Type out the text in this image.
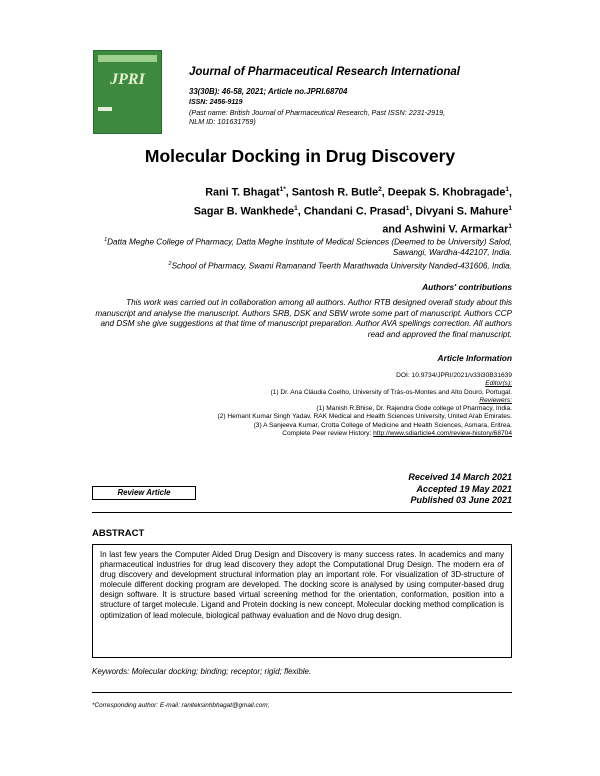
JPRI	Journal of Pharmaceutical Research International
33(30B): 46-58, 2021; Article no.JPRI.68704
ISSN: 2456-9119
(Past name: British Journal of Pharmaceutical Research, Past ISSN: 2231-2919,
NLM ID: 101631759)
Molecular Docking in Drug Discovery
Rani T. Bhagat$^{1*}$, Santosh R. Butle$^2$, Deepak S. Khobragade$^1$,
Sagar B. Wankhede$^1$, Chandani C. Prasad$^1$, Divyani S. Mahure$^1$
and Ashwini V. Armarkar$^1$
$^1$Datta Meghe College of Pharmacy, Datta Meghe Institute of Medical Sciences (Deemed to be University) Salod, Sawangi, Wardha-442107, India.
$^2$School of Pharmacy, Swami Ramanand Teerth Marathwada University Nanded-431606, India.
Authors' contributions
This work was carried out in collaboration among all authors. Author RTB designed overall study about this manuscript and analyse the manuscript. Authors SRB, DSK and SBW wrote some part of manuscript. Authors CCP and DSM she give suggestions at that time of manuscript preparation. Author AVA spellings correction. All authors read and approved the final manuscript.
Article Information
DOI: 10.9734/JPRI/2021/v33i30B31639
Editor(s):
(1) Dr. Ana Cláudia Coelho, University of Trás-os-Montes and Alto Douro, Portugal.
Reviewers:
(1) Manish R.Bhise, Dr. Rajendra Gode college of Pharmacy, India.
(2) Hemant Kumar Singh Yadav, RAK Medical and Health Sciences University, United Arab Emirates.
(3) A Sanjeeva Kumar, Crotta College of Medicine and Health Sciences, Asmara, Eritrea.
Complete Peer review History: http://www.sdiarticle4.com/review-history/68704
Received 14 March 2021
Accepted 19 May 2021
Published 03 June 2021
Review Article
ABSTRACT
In last few years the Computer Aided Drug Design and Discovery is many success rates. In academics and many pharmaceutical industries for drug lead discovery they adopt the Computational Drug Design. The modern era of drug discovery and development structural information play an important role. For visualization of 3D-structure of molecule different docking program are developed. The docking score is analysed by using computer-based drug design software. It is structure based virtual screening method for the orientation, conformation, position into a structure of target molecule. Ligand and Protein docking is new concept. Molecular docking method complication is optimization of lead molecule, biological pathway evaluation and de Novo drug design.
Keywords: Molecular docking; binding; receptor; rigid; flexible.
*Corresponding author: E-mail: raniteksinhbhagat@gmail.com;
